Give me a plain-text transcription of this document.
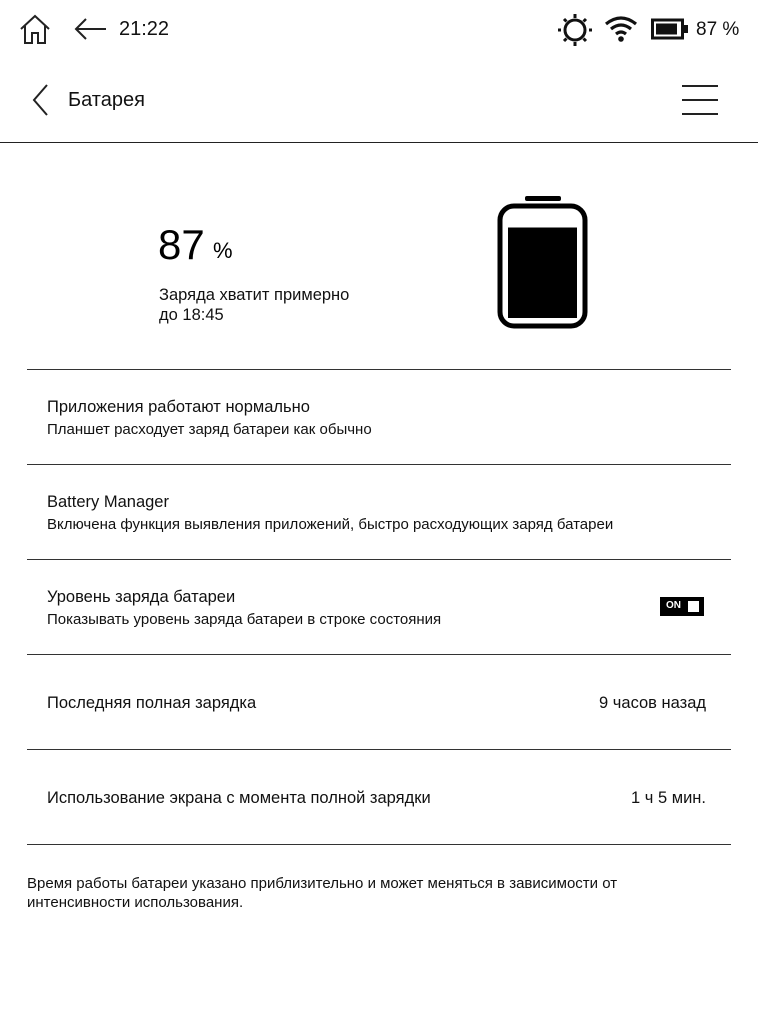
21:22	87 %
Батарея
87 %
Заряда хватит примерно
до 18:45
Приложения работают нормально
Планшет расходует заряд батареи как обычно
Battery Manager
Включена функция выявления приложений, быстро расходующих заряд батареи
Уровень заряда батареи
Показывать уровень заряда батареи в строке состояния
ON
Последняя полная зарядка	9 часов назад
Использование экрана с момента полной зарядки	1 ч 5 мин.
Время работы батареи указано приблизительно и может меняться в зависимости от интенсивности использования.
